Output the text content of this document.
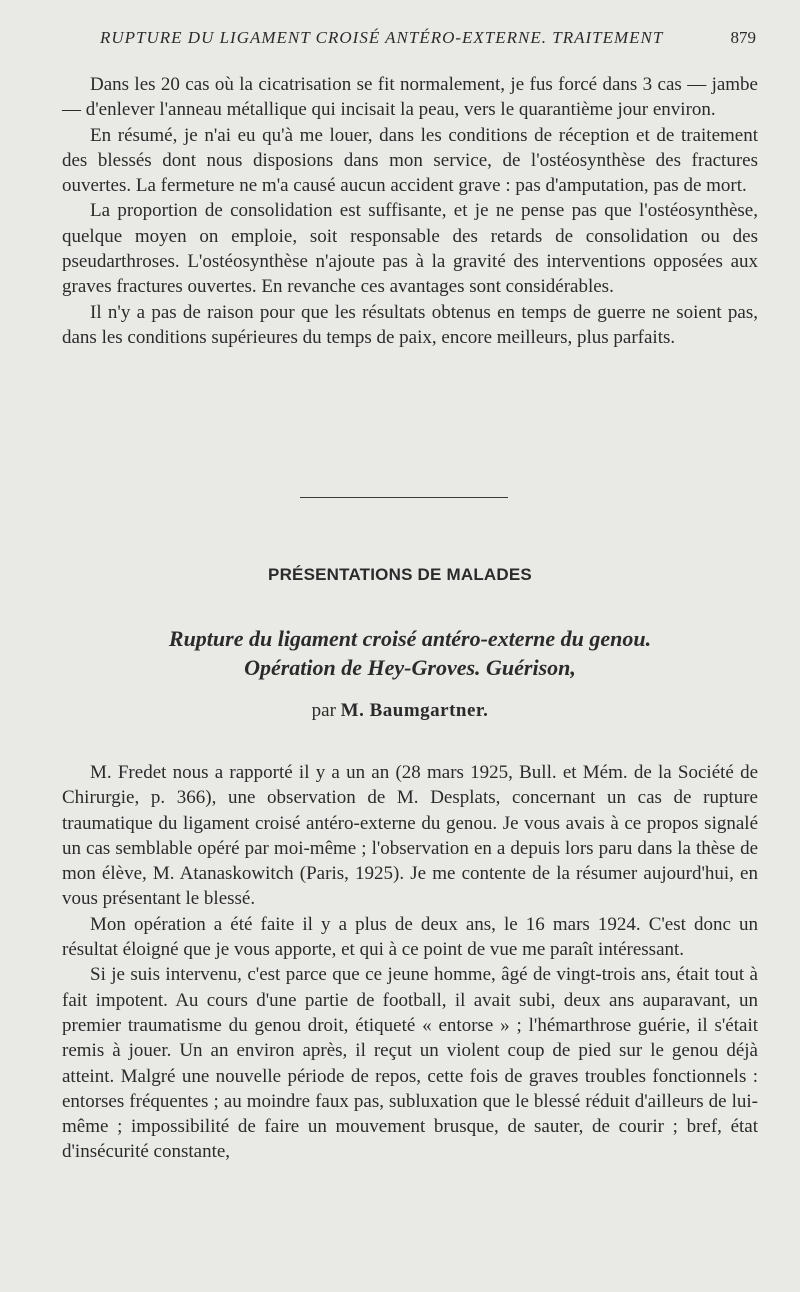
RUPTURE DU LIGAMENT CROISÉ ANTÉRO-EXTERNE. TRAITEMENT	879

Dans les 20 cas où la cicatrisation se fit normalement, je fus forcé dans 3 cas — jambe — d'enlever l'anneau métallique qui incisait la peau, vers le quarantième jour environ.

En résumé, je n'ai eu qu'à me louer, dans les conditions de réception et de traitement des blessés dont nous disposions dans mon service, de l'ostéosynthèse des fractures ouvertes. La fermeture ne m'a causé aucun accident grave : pas d'amputation, pas de mort.

La proportion de consolidation est suffisante, et je ne pense pas que l'ostéosynthèse, quelque moyen on emploie, soit responsable des retards de consolidation ou des pseudarthroses. L'ostéosynthèse n'ajoute pas à la gravité des interventions opposées aux graves fractures ouvertes. En revanche ces avantages sont considérables.

Il n'y a pas de raison pour que les résultats obtenus en temps de guerre ne soient pas, dans les conditions supérieures du temps de paix, encore meilleurs, plus parfaits.

PRÉSENTATIONS DE MALADES
Rupture du ligament croisé antéro-externe du genou.
Opération de Hey-Groves. Guérison,
par M. Baumgartner.

M. Fredet nous a rapporté il y a un an (28 mars 1925, Bull. et Mém. de la Société de Chirurgie, p. 366), une observation de M. Desplats, concernant un cas de rupture traumatique du ligament croisé antéro-externe du genou. Je vous avais à ce propos signalé un cas semblable opéré par moi-même ; l'observation en a depuis lors paru dans la thèse de mon élève, M. Atanaskowitch (Paris, 1925). Je me contente de la résumer aujourd'hui, en vous présentant le blessé.

Mon opération a été faite il y a plus de deux ans, le 16 mars 1924. C'est donc un résultat éloigné que je vous apporte, et qui à ce point de vue me paraît intéressant.

Si je suis intervenu, c'est parce que ce jeune homme, âgé de vingt-trois ans, était tout à fait impotent. Au cours d'une partie de football, il avait subi, deux ans auparavant, un premier traumatisme du genou droit, étiqueté « entorse » ; l'hémarthrose guérie, il s'était remis à jouer. Un an environ après, il reçut un violent coup de pied sur le genou déjà atteint. Malgré une nouvelle période de repos, cette fois de graves troubles fonctionnels : entorses fréquentes ; au moindre faux pas, subluxation que le blessé réduit d'ailleurs de lui-même ; impossibilité de faire un mouvement brusque, de sauter, de courir ; bref, état d'insécurité constante,
